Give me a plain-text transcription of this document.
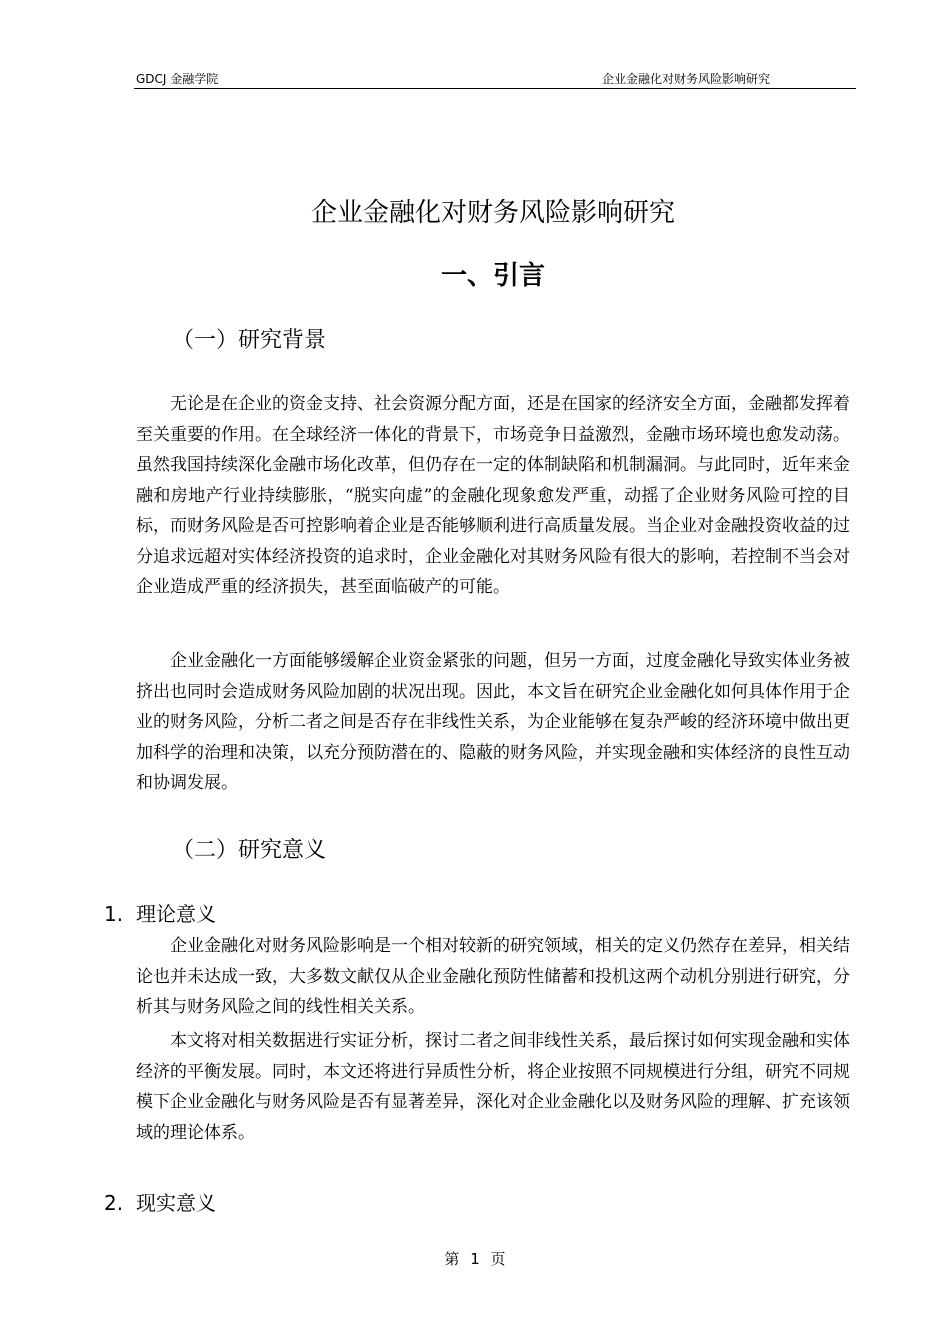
GDCJ 金融学院	企业金融化对财务风险影响研究
企业金融化对财务风险影响研究
一、引言
（一）研究背景

无论是在企业的资金支持、社会资源分配方面，还是在国家的经济安全方面，金融都发挥着至关重要的作用。在全球经济一体化的背景下，市场竞争日益激烈，金融市场环境也愈发动荡。虽然我国持续深化金融市场化改革，但仍存在一定的体制缺陷和机制漏洞。与此同时，近年来金融和房地产行业持续膨胀，“脱实向虚”的金融化现象愈发严重，动摇了企业财务风险可控的目标，而财务风险是否可控影响着企业是否能够顺利进行高质量发展。当企业对金融投资收益的过分追求远超对实体经济投资的追求时，企业金融化对其财务风险有很大的影响，若控制不当会对企业造成严重的经济损失，甚至面临破产的可能。

企业金融化一方面能够缓解企业资金紧张的问题，但另一方面，过度金融化导致实体业务被挤出也同时会造成财务风险加剧的状况出现。因此，本文旨在研究企业金融化如何具体作用于企业的财务风险，分析二者之间是否存在非线性关系，为企业能够在复杂严峻的经济环境中做出更加科学的治理和决策，以充分预防潜在的、隐蔽的财务风险，并实现金融和实体经济的良性互动和协调发展。

（二）研究意义
1. 理论意义

企业金融化对财务风险影响是一个相对较新的研究领域，相关的定义仍然存在差异，相关结论也并未达成一致，大多数文献仅从企业金融化预防性储蓄和投机这两个动机分别进行研究，分析其与财务风险之间的线性相关关系。

本文将对相关数据进行实证分析，探讨二者之间非线性关系，最后探讨如何实现金融和实体经济的平衡发展。同时，本文还将进行异质性分析，将企业按照不同规模进行分组，研究不同规模下企业金融化与财务风险是否有显著差异，深化对企业金融化以及财务风险的理解、扩充该领域的理论体系。

2. 现实意义
第 1 页
